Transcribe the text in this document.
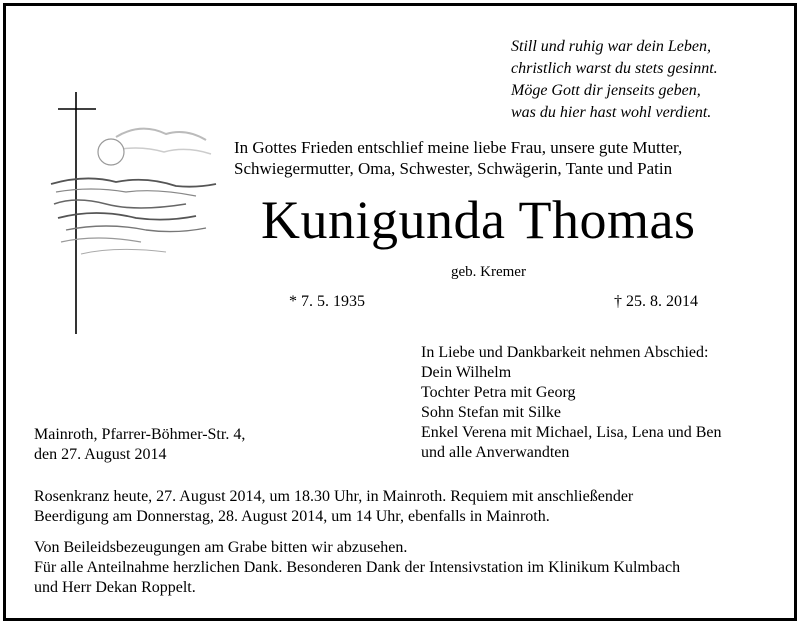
Still und ruhig war dein Leben,
christlich warst du stets gesinnt.
Möge Gott dir jenseits geben,
was du hier hast wohl verdient.
In Gottes Frieden entschlief meine liebe Frau, unsere gute Mutter,
Schwiegermutter, Oma, Schwester, Schwägerin, Tante und Patin
Kunigunda Thomas
geb. Kremer
* 7. 5. 1935	† 25. 8. 2014
In Liebe und Dankbarkeit nehmen Abschied:
Dein Wilhelm
Tochter Petra mit Georg
Sohn Stefan mit Silke
Enkel Verena mit Michael, Lisa, Lena und Ben
und alle Anverwandten
Mainroth, Pfarrer-Böhmer-Str. 4,
den 27. August 2014
Rosenkranz heute, 27. August 2014, um 18.30 Uhr, in Mainroth. Requiem mit anschließender
Beerdigung am Donnerstag, 28. August 2014, um 14 Uhr, ebenfalls in Mainroth.
Von Beileidsbezeugungen am Grabe bitten wir abzusehen.
Für alle Anteilnahme herzlichen Dank. Besonderen Dank der Intensivstation im Klinikum Kulmbach
und Herr Dekan Roppelt.
